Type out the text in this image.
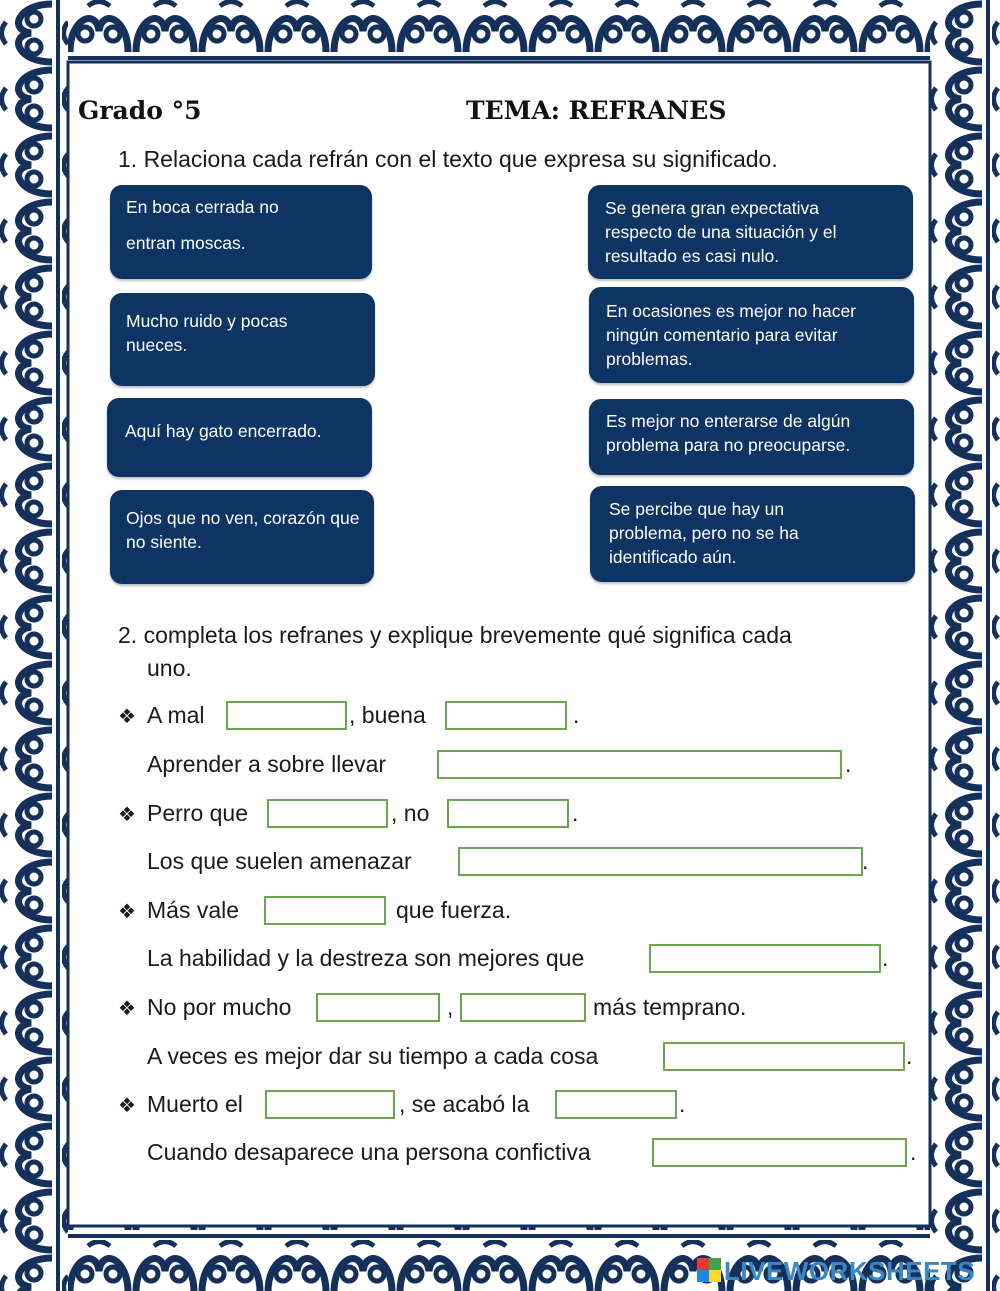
Grado °5	TEMA: REFRANES
1. Relaciona cada refrán con el texto que expresa su significado.
En boca cerrada no
entran moscas.
Mucho ruido y pocas nueces.
Aquí hay gato encerrado.
Ojos que no ven, corazón que no siente.
Se genera gran expectativa respecto de una situación y el resultado es casi nulo.
En ocasiones es mejor no hacer ningún comentario para evitar problemas.
Es mejor no enterarse de algún problema para no preocuparse.
Se percibe que hay un problema, pero no se ha identificado aún.
2. completa los refranes y explique brevemente qué significa cada
uno.
❖ A mal	, buena	.
Aprender a sobre llevar	.
❖ Perro que	, no	.
Los que suelen amenazar	.
❖ Más vale	que fuerza.
La habilidad y la destreza son mejores que	.
❖ No por mucho	,	más temprano.
A veces es mejor dar su tiempo a cada cosa	.
❖ Muerto el	, se acabó la	.
Cuando desaparece una persona confictiva	.
LIVEWORKSHEETS
